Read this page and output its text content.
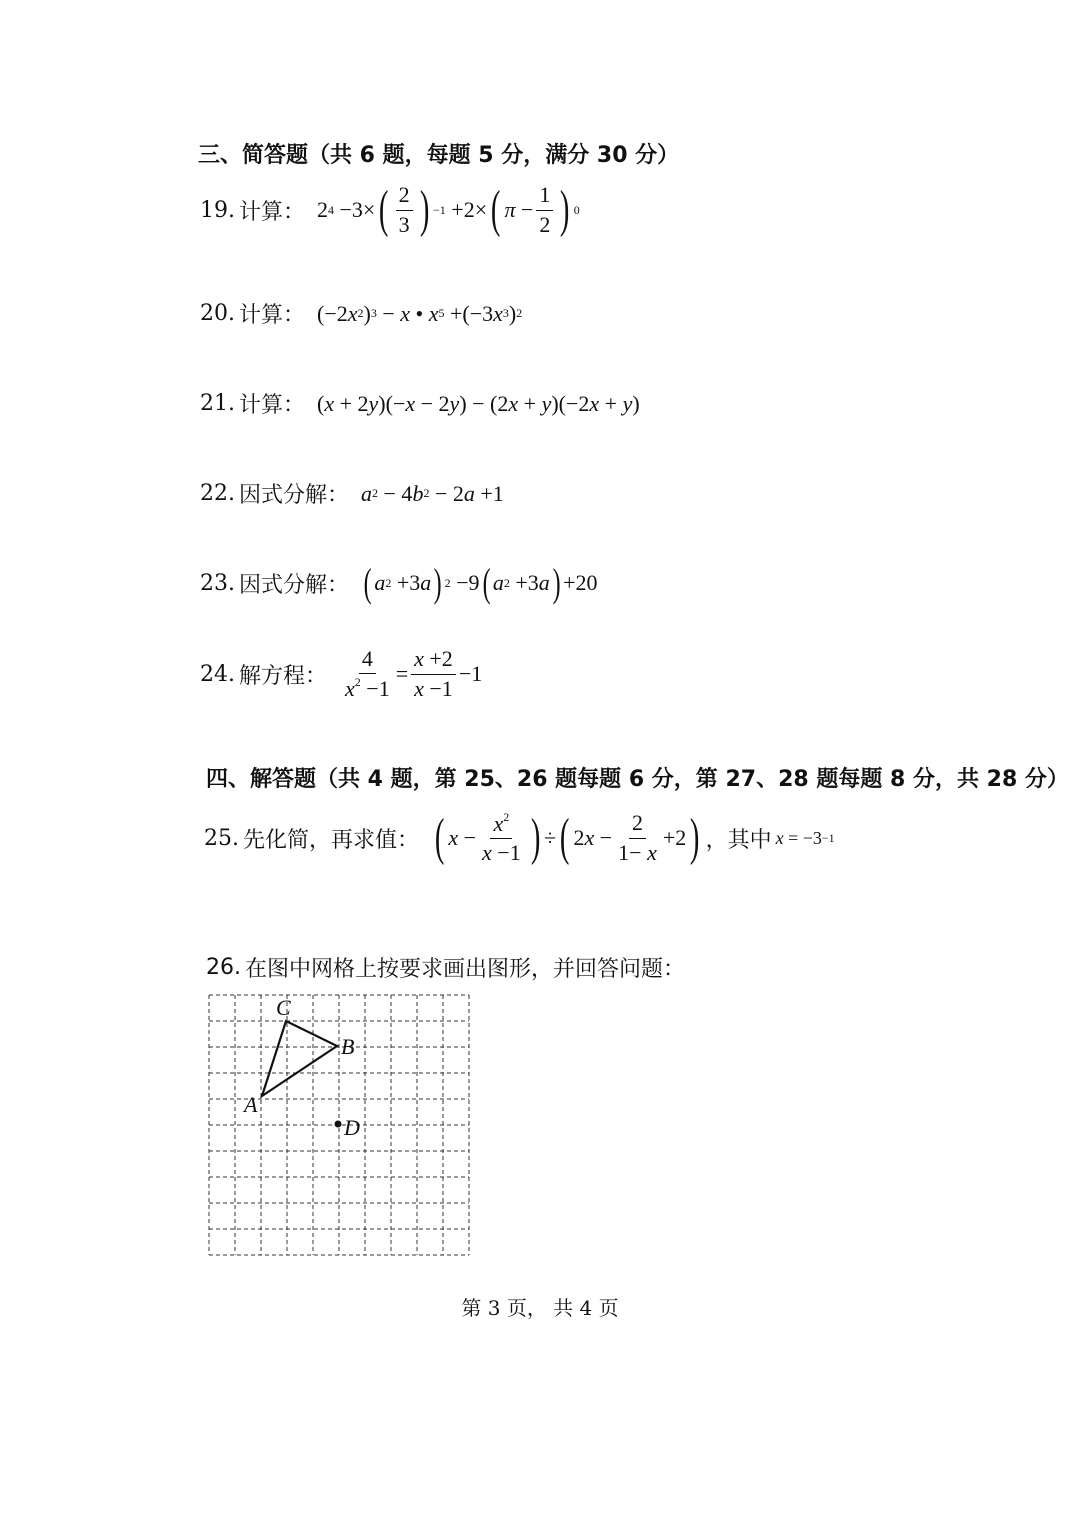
三、简答题（共 6 题，每题 5 分，满分 30 分）
19. 计算： 2 4 −3× ( $\frac{2}{3}$ ) −1 +2× ( $\pi - \frac{1}{2}$ ) 0
20. 计算： (−2 x 2 ) 3 − x • x 5 +(−3 x 3 ) 2
21. 计算： ( x + 2 y )(− x − 2 y ) − (2 x + y )(−2 x + y )
22. 因式分解： a 2 − 4 b 2 − 2 a +1
23. 因式分解： ( a 2 +3 a ) 2 −9 ( a 2 +3 a ) +20
24. 解方程： $\frac{4}{x^2 -1} = \frac{x +2}{x -1} -1$
四、解答题（共 4 题，第 25、26 题每题 6 分，第 27、28 题每题 8 分，共 28 分）
25. 先化简，再求值： ( $x - \frac{x^2}{x -1}$ ) ÷ ( 2 $x - \frac{2}{1- x} +2$ ) ，其中 x = −3 −1
26. 在图中网格上按要求画出图形，并回答问题：
C
B
A
D
第 3 页， 共 4 页
